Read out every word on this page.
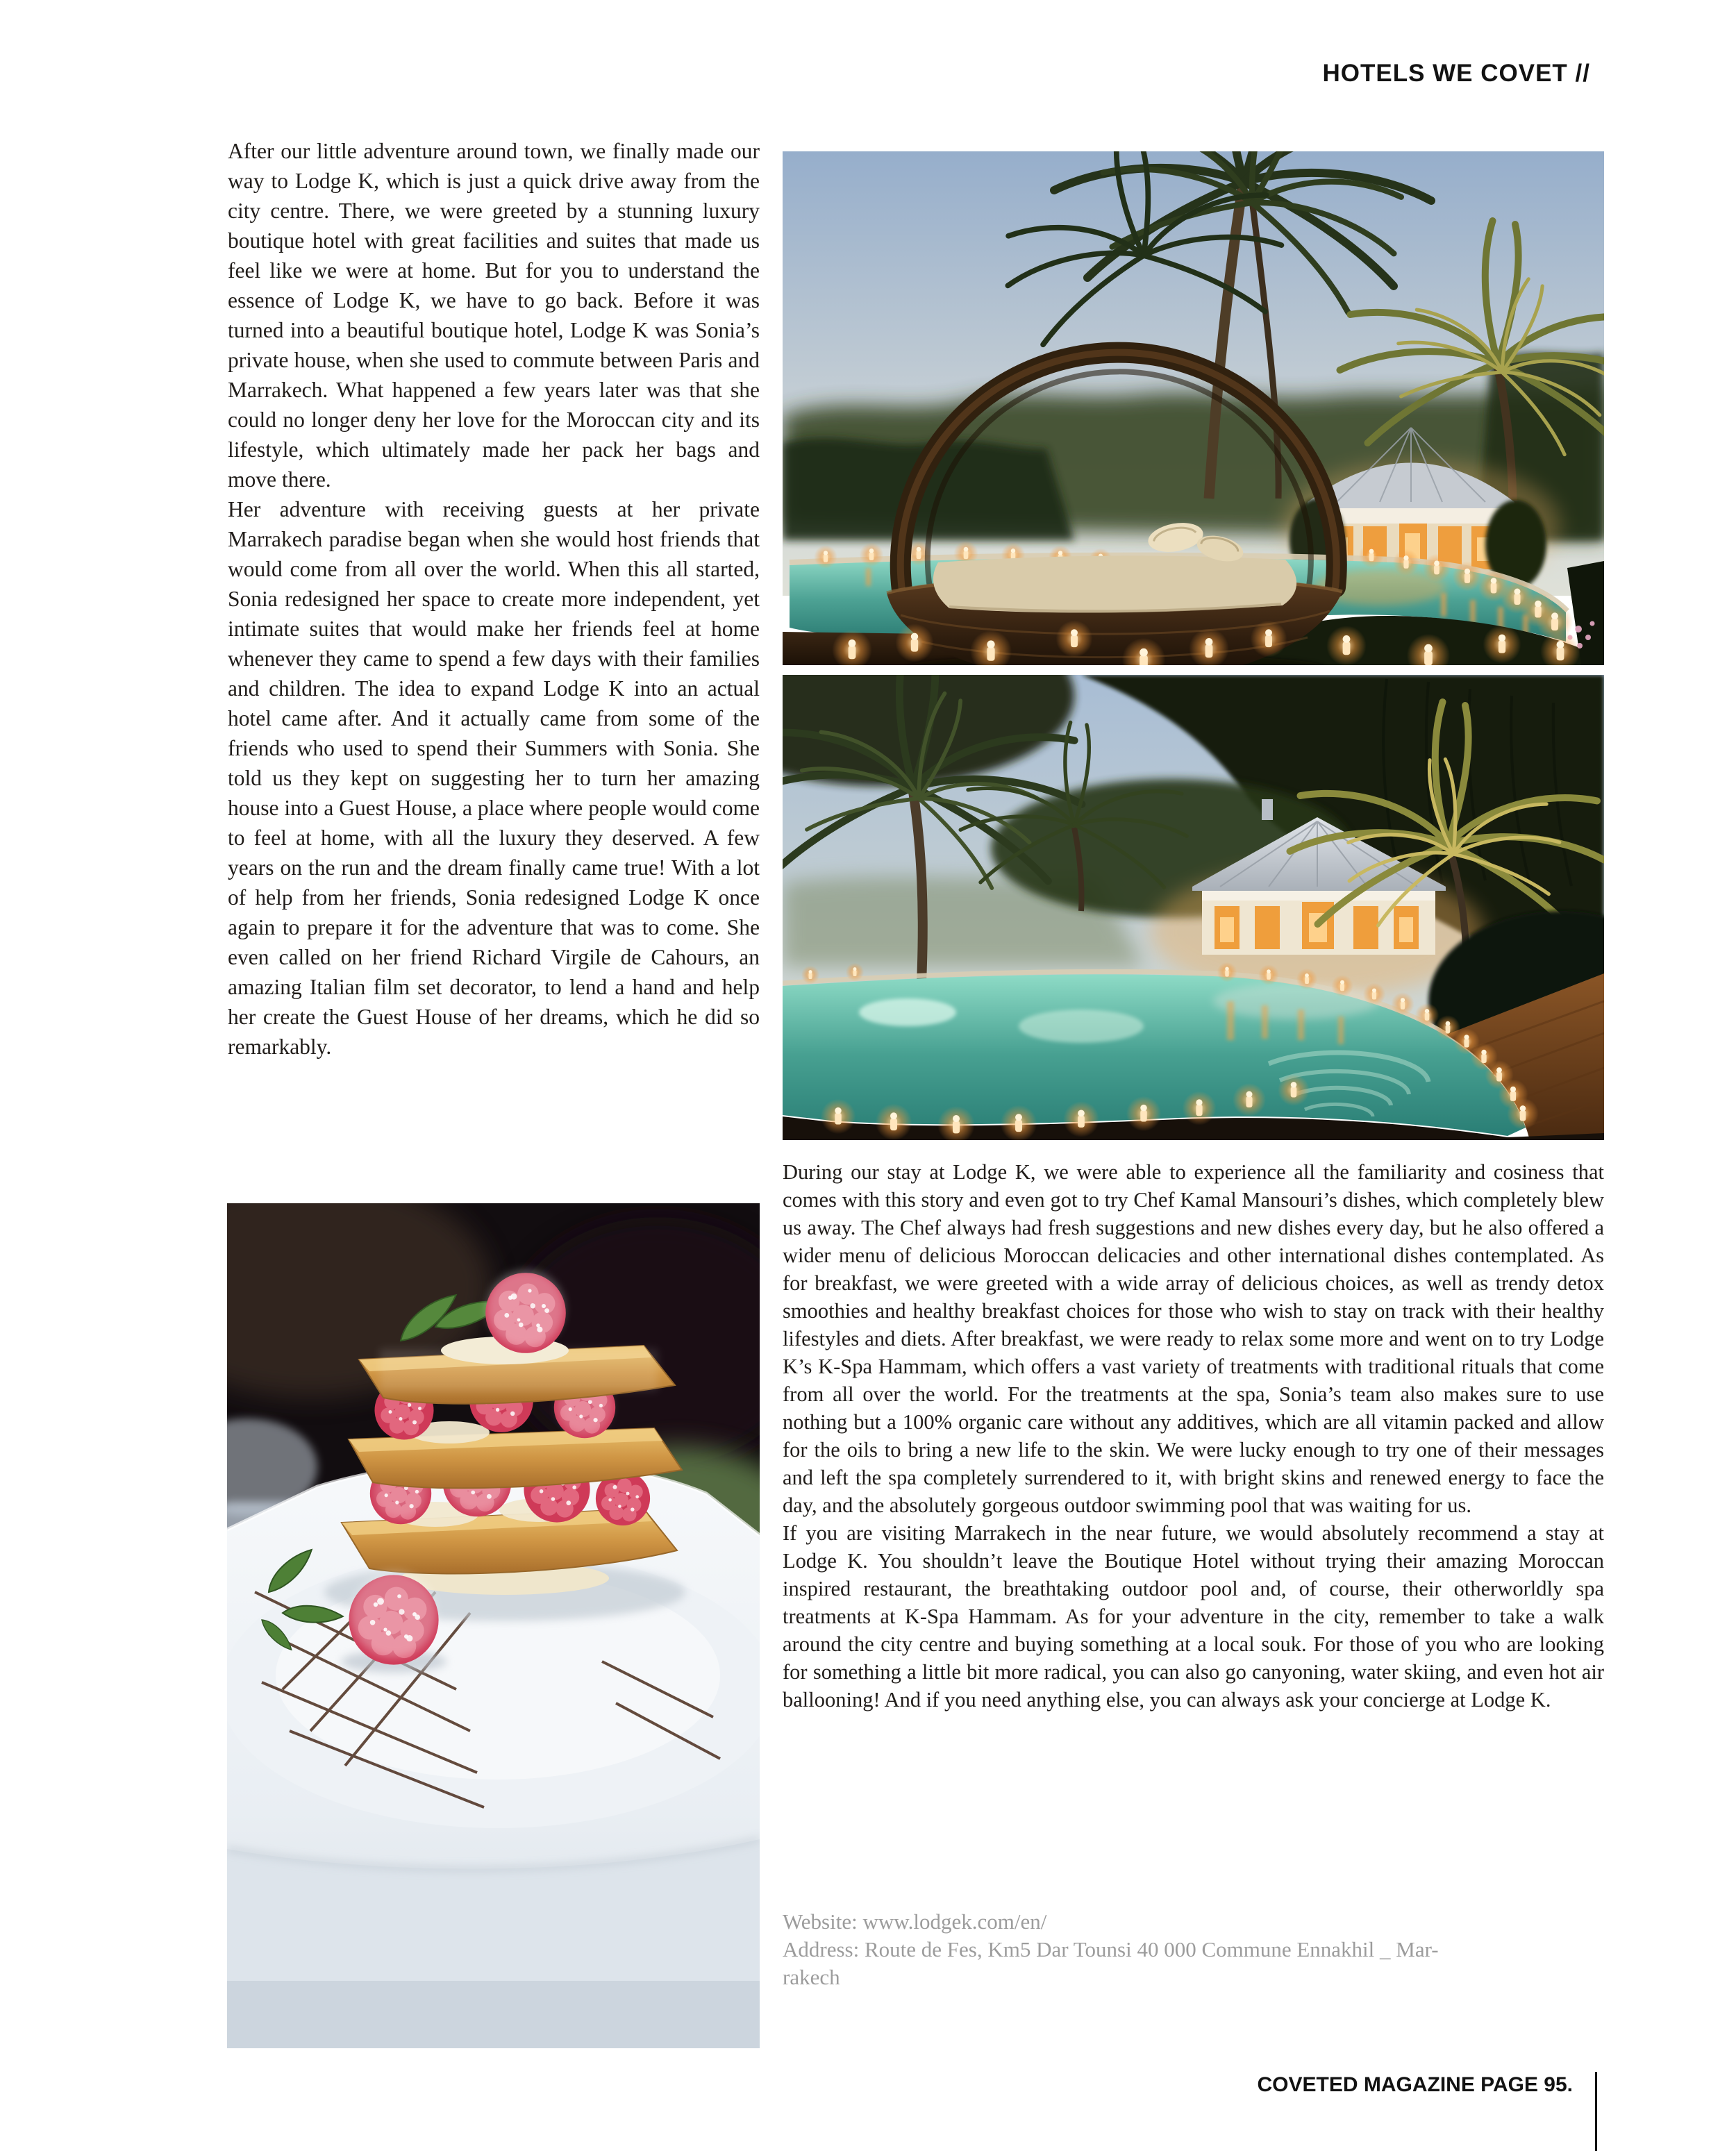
HOTELS WE COVET //

After our little adventure around town, we finally made our way to Lodge K, which is just a quick drive away from the city centre. There, we were greeted by a stunning luxury boutique hotel with great facilities and suites that made us feel like we were at home. But for you to understand the essence of Lodge K, we have to go back. Before it was turned into a beautiful boutique hotel, Lodge K was Sonia’s private house, when she used to commute between Paris and Marrakech. What happened a few years later was that she could no longer deny her love for the Moroccan city and its lifestyle, which ultimately made her pack her bags and move there.

Her adventure with receiving guests at her private Marrakech paradise began when she would host friends that would come from all over the world. When this all started, Sonia redesigned her space to create more independent, yet intimate suites that would make her friends feel at home whenever they came to spend a few days with their families and children. The idea to expand Lodge K into an actual hotel came after. And it actually came from some of the friends who used to spend their Summers with Sonia. She told us they kept on suggesting her to turn her amazing house into a Guest House, a place where people would come to feel at home, with all the luxury they deserved. A few years on the run and the dream finally came true! With a lot of help from her friends, Sonia redesigned Lodge K once again to prepare it for the adventure that was to come. She even called on her friend Richard Virgile de Cahours, an amazing Italian film set decorator, to lend a hand and help her create the Guest House of her dreams, which he did so remarkably.

During our stay at Lodge K, we were able to experience all the familiarity and cosiness that comes with this story and even got to try Chef Kamal Mansouri’s dishes, which completely blew us away. The Chef always had fresh suggestions and new dishes every day, but he also offered a wider menu of delicious Moroccan delicacies and other international dishes contemplated. As for breakfast, we were greeted with a wide array of delicious choices, as well as trendy detox smoothies and healthy breakfast choices for those who wish to stay on track with their healthy lifestyles and diets. After breakfast, we were ready to relax some more and went on to try Lodge K’s K-Spa Hammam, which offers a vast variety of treatments with traditional rituals that come from all over the world. For the treatments at the spa, Sonia’s team also makes sure to use nothing but a 100% organic care without any additives, which are all vitamin packed and allow for the oils to bring a new life to the skin. We were lucky enough to try one of their messages and left the spa completely surrendered to it, with bright skins and renewed energy to face the day, and the absolutely gorgeous outdoor swimming pool that was waiting for us.

If you are visiting Marrakech in the near future, we would absolutely recommend a stay at Lodge K. You shouldn’t leave the Boutique Hotel without trying their amazing Moroccan inspired restaurant, the breathtaking outdoor pool and, of course, their otherworldly spa treatments at K-Spa Hammam. As for your adventure in the city, remember to take a walk around the city centre and buying something at a local souk. For those of you who are looking for something a little bit more radical, you can also go canyoning, water skiing, and even hot air ballooning! And if you need anything else, you can always ask your concierge at Lodge K.

Website: www.lodgek.com/en/
Address: Route de Fes, Km5 Dar Tounsi 40 000 Commune Ennakhil _ Mar-
rakech
COVETED MAGAZINE PAGE 95.
